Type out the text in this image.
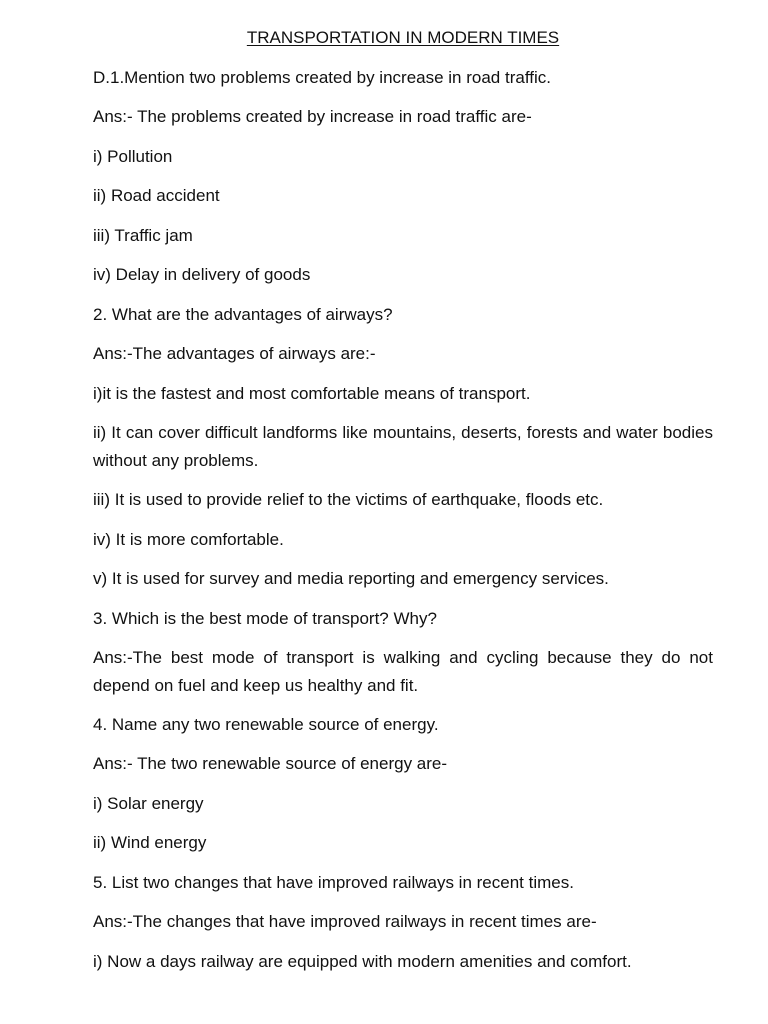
TRANSPORTATION IN MODERN TIMES

D.1.Mention two problems created by increase in road traffic.

Ans:- The problems created by increase in road traffic are-

i) Pollution

ii) Road accident

iii) Traffic jam

iv) Delay in delivery of goods

2. What are the advantages of airways?

Ans:-The advantages of airways are:-

i)it is the fastest and most comfortable means of transport.

ii) It can cover difficult landforms like mountains, deserts, forests and water bodies without any problems.

iii) It is used to provide relief to the victims of earthquake, floods etc.

iv) It is more comfortable.

v) It is used for survey and media reporting and emergency services.

3. Which is the best mode of transport? Why?

Ans:-The best mode of transport is walking and cycling because they do not depend on fuel and keep us healthy and fit.

4. Name any two renewable source of energy.

Ans:- The two renewable source of energy are-

i) Solar energy

ii) Wind energy

5. List two changes that have improved railways in recent times.

Ans:-The changes that have improved railways in recent times are-

i) Now a days railway are equipped with modern amenities and comfort.
